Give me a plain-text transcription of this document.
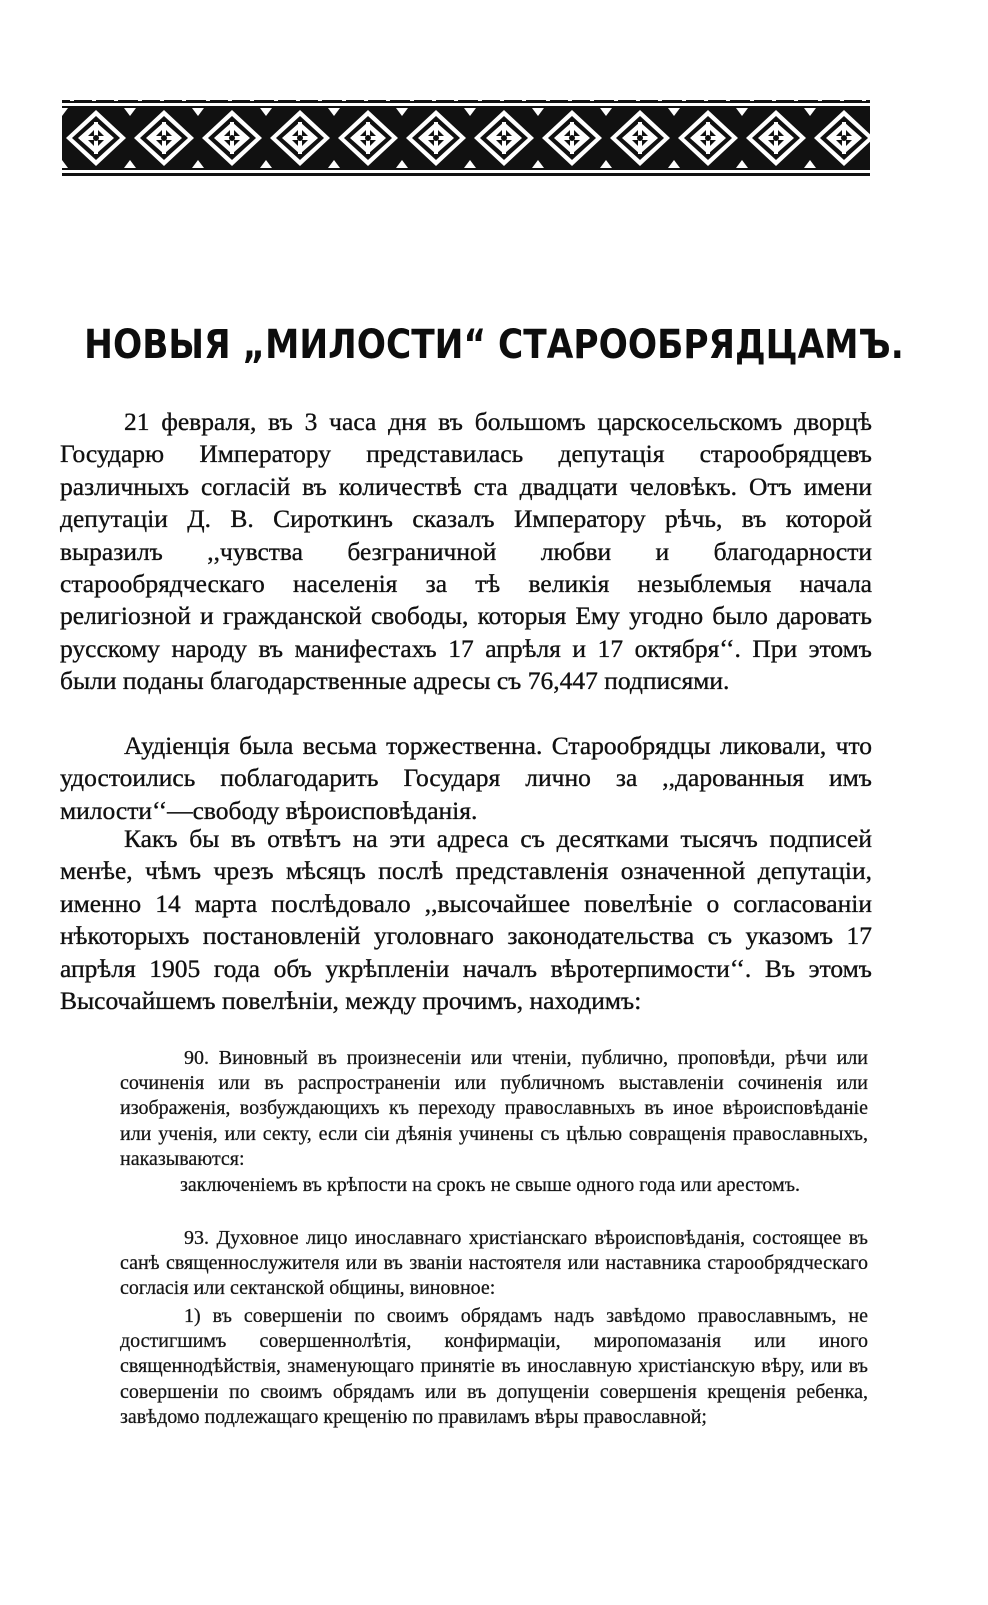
НОВЫЯ „МИЛОСТИ“ СТАРООБРЯДЦАМЪ.

21 февраля, въ 3 часа дня въ большомъ царскосельскомъ дворцѣ Государю Императору представилась депутація старообрядцевъ различныхъ согласій въ количествѣ ста двадцати человѣкъ. Отъ имени депутаціи Д. В. Сироткинъ сказалъ Императору рѣчь, въ которой выразилъ ,,чувства безграничной любви и благодарности старообрядческаго населенія за тѣ великія незыблемыя начала религіозной и гражданской свободы, которыя Ему угодно было даровать русскому народу въ манифестахъ 17 апрѣля и 17 октября‘‘. При этомъ были поданы благодарственные адресы съ 76,447 подписями.

Аудіенція была весьма торжественна. Старообрядцы ликовали, что удостоились поблагодарить Государя лично за ,,дарованныя имъ милости‘‘—свободу вѣроисповѣданія.

Какъ бы въ отвѣтъ на эти адреса съ десятками тысячъ подписей менѣе, чѣмъ чрезъ мѣсяцъ послѣ представленія означенной депутаціи, именно 14 марта послѣдовало ,,высочайшее повелѣніе о согласованіи нѣкоторыхъ постановленій уголовнаго законодательства съ указомъ 17 апрѣля 1905 года объ укрѣпленіи началъ вѣротерпимости‘‘. Въ этомъ Высочайшемъ повелѣніи, между прочимъ, находимъ:

90. Виновный въ произнесеніи или чтеніи, публично, проповѣди, рѣчи или сочиненія или въ распространеніи или публичномъ выставленіи сочиненія или изображенія, возбуждающихъ къ переходу православныхъ въ иное вѣроисповѣданіе или ученія, или секту, если сіи дѣянія учинены съ цѣлью совращенія православныхъ, наказываются:

заключеніемъ въ крѣпости на срокъ не свыше одного года или арестомъ.

93. Духовное лицо инославнаго христіанскаго вѣроисповѣданія, состоящее въ санѣ священнослужителя или въ званіи настоятеля или наставника старообрядческаго согласія или сектанской общины, виновное:

1) въ совершеніи по своимъ обрядамъ надъ завѣдомо православнымъ, не достигшимъ совершеннолѣтія, конфирмаціи, миропомазанія или иного священнодѣйствія, знаменующаго принятіе въ инославную христіанскую вѣру, или въ совершеніи по своимъ обрядамъ или въ допущеніи совершенія крещенія ребенка, завѣдомо подлежащаго крещенію по правиламъ вѣры православной;
